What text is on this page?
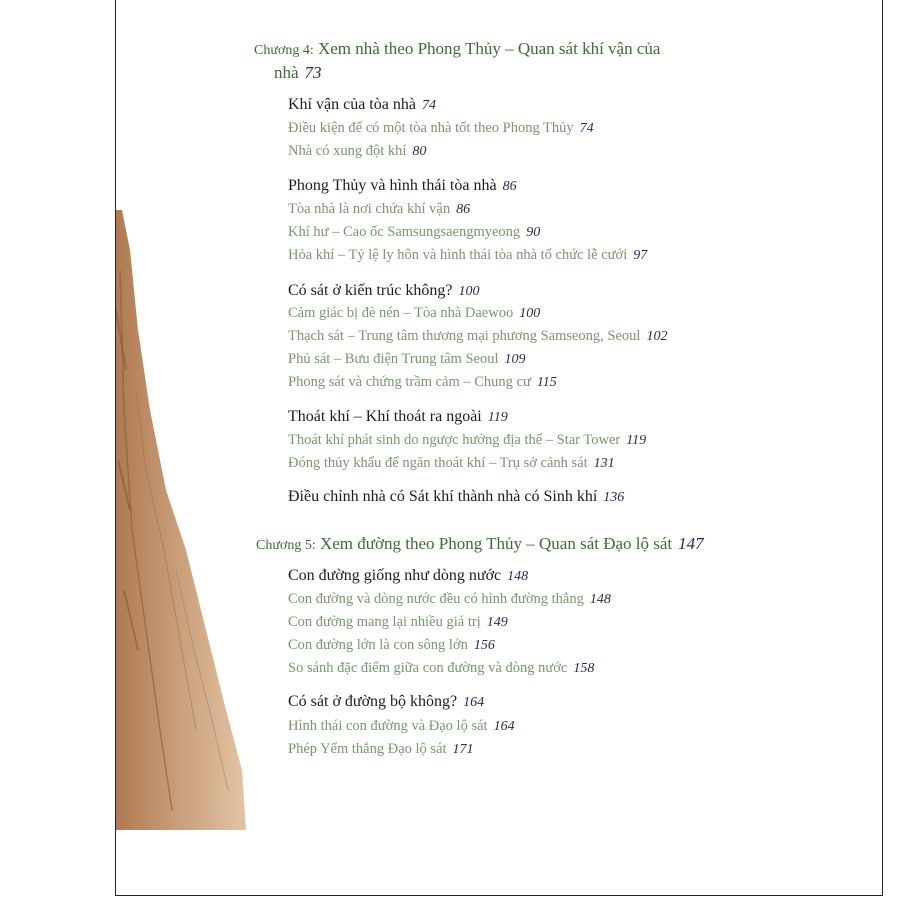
Chương 4: Xem nhà theo Phong Thủy – Quan sát khí vận của
nhà 73
Khí vận của tòa nhà 74
Điều kiện để có một tòa nhà tốt theo Phong Thủy 74
Nhà có xung đột khí 80
Phong Thủy và hình thái tòa nhà 86
Tòa nhà là nơi chứa khí vận 86
Khí hư – Cao ốc Samsungsaengmyeong 90
Hỏa khí – Tỷ lệ ly hôn và hình thái tòa nhà tổ chức lễ cưới 97
Có sát ở kiến trúc không? 100
Cảm giác bị đè nén – Tòa nhà Daewoo 100
Thạch sát – Trung tâm thương mại phương Samseong, Seoul 102
Phủ sát – Bưu điện Trung tâm Seoul 109
Phong sát và chứng trầm cảm – Chung cư 115
Thoát khí – Khí thoát ra ngoài 119
Thoát khí phát sinh do ngược hướng địa thế – Star Tower 119
Đóng thủy khẩu để ngăn thoát khí – Trụ sở cảnh sát 131
Điều chỉnh nhà có Sát khí thành nhà có Sinh khí 136
Chương 5: Xem đường theo Phong Thủy – Quan sát Đạo lộ sát 147
Con đường giống như dòng nước 148
Con đường và dòng nước đều có hình đường thẳng 148
Con đường mang lại nhiều giá trị 149
Con đường lớn là con sông lớn 156
So sánh đặc điểm giữa con đường và dòng nước 158
Có sát ở đường bộ không? 164
Hình thái con đường và Đạo lộ sát 164
Phép Yểm thắng Đạo lộ sát 171
